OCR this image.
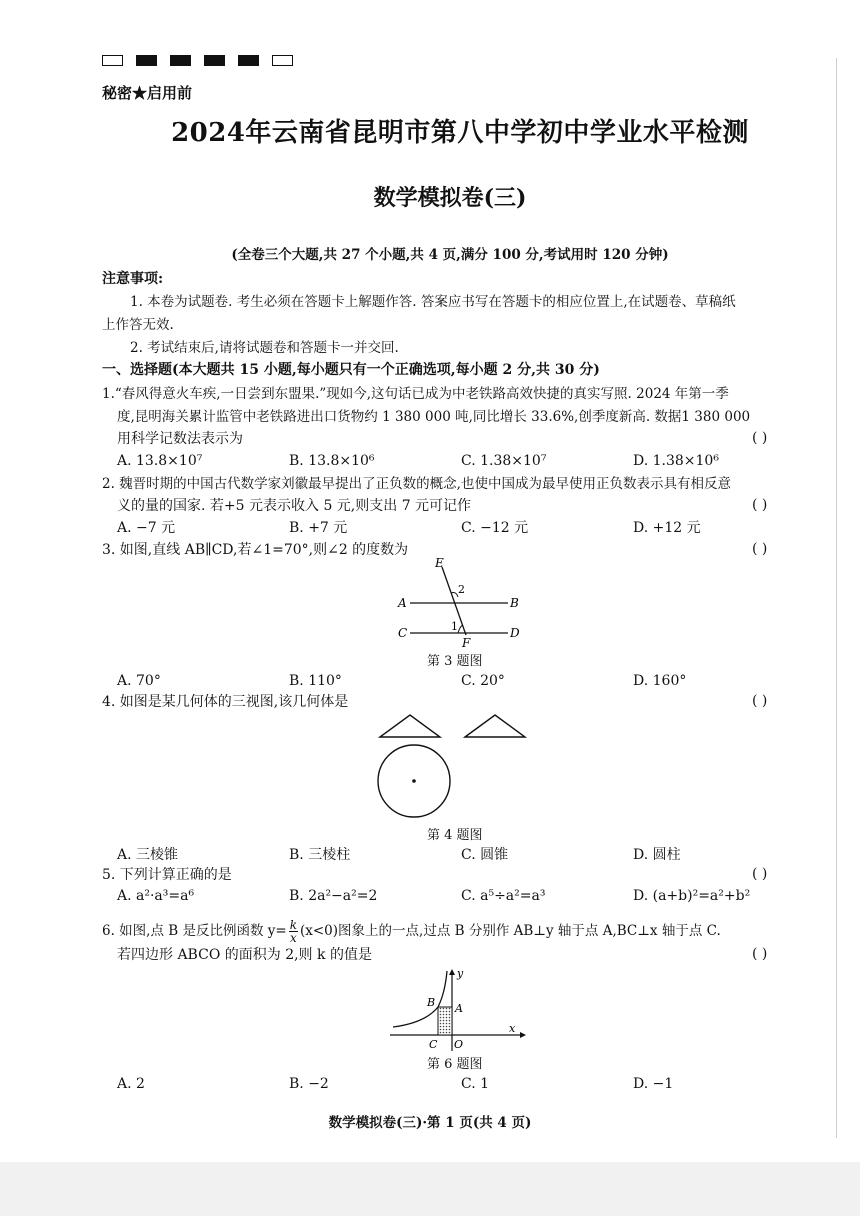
秘密★启用前
2024年云南省昆明市第八中学初中学业水平检测
数学模拟卷(三)
(全卷三个大题,共 27 个小题,共 4 页,满分 100 分,考试用时 120 分钟)
注意事项:
1. 本卷为试题卷. 考生必须在答题卡上解题作答. 答案应书写在答题卡的相应位置上,在试题卷、草稿纸
上作答无效.
2. 考试结束后,请将试题卷和答题卡一并交回.
一、选择题(本大题共 15 小题,每小题只有一个正确选项,每小题 2 分,共 30 分)
1.“春风得意火车疾,一日尝到东盟果.”现如今,这句话已成为中老铁路高效快捷的真实写照. 2024 年第一季
度,昆明海关累计监管中老铁路进出口货物约 1 380 000 吨,同比增长 33.6%,创季度新高. 数据1 380 000
用科学记数法表示为	( )
A. 13.8×10⁷	B. 13.8×10⁶	C. 1.38×10⁷	D. 1.38×10⁶
2. 魏晋时期的中国古代数学家刘徽最早提出了正负数的概念,也使中国成为最早使用正负数表示具有相反意
义的量的国家. 若+5 元表示收入 5 元,则支出 7 元可记作	( )
A. −7 元	B. +7 元	C. −12 元	D. +12 元
3. 如图,直线 AB∥CD,若∠1=70°,则∠2 的度数为	( )
E
A	B
C	D
F
2
1
第 3 题图
A. 70°	B. 110°	C. 20°	D. 160°
4. 如图是某几何体的三视图,该几何体是	( )
第 4 题图
A. 三棱锥	B. 三棱柱	C. 圆锥	D. 圆柱
5. 下列计算正确的是	( )
A. a²·a³=a⁶	B. 2a²−a²=2	C. a⁵÷a²=a³	D. (a+b)²=a²+b²
6. 如图,点 B 是反比例函数 $y= \frac{k}{x} (x<0)$图象上的一点,过点 B 分别作 AB⊥y 轴于点 A,BC⊥x 轴于点 C.
若四边形 ABCO 的面积为 2,则 k 的值是	( )
y
x
B A
C O
第 6 题图
A. 2	B. −2	C. 1	D. −1
数学模拟卷(三)·第 1 页(共 4 页)
